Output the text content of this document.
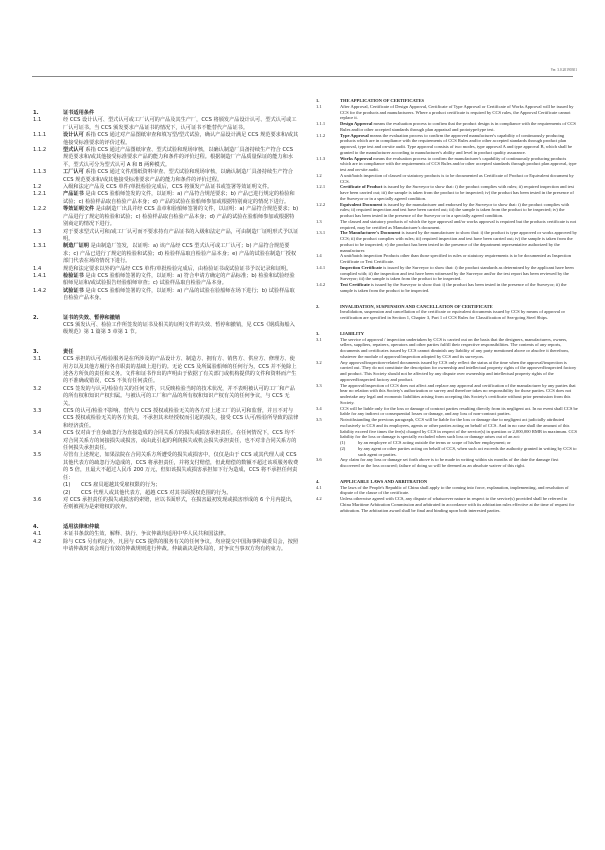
Ver. 3.0.20190301
1.	证书适用条件
1.1	经 CCS 设计认可、型式认可或工厂认可的产品及其生产厂，CCS 将颁发产品设计认可、型式认可或工厂认可证书。当 CCS 颁发要求产品证书的情况下，认可证书不能替代产品证书。
1.1.1	设计认可 系指 CCS 通过对产品图纸审查和填写型/型式试验，确认产品设计满足 CCS 规范要求和/或其他接受标准要求的评价过程。
1.1.2	型式认可 系指 CCS 通过产品图纸审查、型式试验和现场审核，以确认制造厂具备持续生产符合 CCS 规范要求和/或其他接受标准要求产品的能力和条件的评价过程。根据制造厂产品质量保证的能力和水平，型式认可分为型式认可 A 和 B 两种模式。
1.1.3	工厂认可 系指 CCS 通过文件/图纸资料审查、型式试验和现场审核，以确认制造厂具备持续生产符合 CCS 规范要求和/或其他接受标准要求产品的能力和条件的评价过程。
1.2	入级和法定产品及 CCS 单件/单批检验完成后，CCS 将颁发产品证书或签署等效证明文件。
1.2.1	产品证书 是由 CCS 验船师签发的文件，以证明：a) 产品符合规范要求；b) 产品已进行规定的检验和试验；c) 检验样品取自检验产品本身；d) 产品的试验在验船师参加或根据特别商定的情况下进行。
1.2.2	等效证明文件 是由制造厂出具并经 CCS 盖章和验船师签署的文件，以证明：a) 产品符合规范要求；b) 产品进行了规定的检验和试验；c) 检验样品取自检验产品本身；d) 产品的试验在验船师参加或根据特别商定的情况下进行。
1.3	对于要求型式认可和/或工厂认可而不要求持有产品证书的入级和法定产品，可由制造厂证明形式予以证明。
1.3.1	制造厂证明 是由制造厂签发，以证明：a) 该产品经 CCS 型式认可或工厂认可；b) 产品符合规范要求；c) 产品已进行了规定的检验和试验；d) 检验样品取自检验产品本身；e) 产品的试验在制造厂授权部门代表在场的情况下进行。
1.4	规范和法定要求以外的产品经 CCS 单件/单批检验完成后，由检验证书或试验证书予以记录和证明。
1.4.1	检验证书 是由 CCS 验船师签署的文件，以证明：a) 符合申请方确定的产品标准；b) 检验和试验经验船师见证和/或试验报告经验船师审查；c) 试验样品取自检验产品本身。
1.4.2	试验证书 是由 CCS 验船师签署的文件，以证明：a) 产品的试验在验船师在场下进行；b) 试验样品取自检验产品本身。
2.	证书的失效、暂停和撤销
CCS 颁发认可、检验工作所签发的证书及相关的证明文件的失效、暂停和撤销，见 CCS《钢质海船入级规范》第 1 篇第 3 章第 1 节。
3.	责任
3.1	CCS 承担的认可/检验服务是在所涉及的产品设计方、制造方、拥有方、销售方、供应方、修理方、使用方以及其他方履行各自职责的基础上进行的。无论 CCS 及所属验船师的任何行为，CCS 并不免除上述各方所负的责任和义务。文件和证书作出的声明由于依据了有关部门或机构提供的文件和资料而产生的不准确或错误，CCS 不负有任何责任。
3.2	CCS 签发的与认可/检验有关的任何文件，只反映检验当时的技术状况，并不表明被认可的工厂和产品的所有权和知识产权归属。与被认可的工厂和产品的所有权和知识产权有关的任何争议，与 CCS 无关。
3.3	CCS 的认可/检验不影响、替代与 CCS 授权或检验无关的各方对上述工厂的认可和监督，并且不对与 CCS 授权或检验无关的各方负责。不承担其未经授权而引起的损失，接受 CCS 认可/检验所导致的法律和经济责任。
3.4	CCS 仅对由于自身疏忽行为直接造成的合同关系方的损失或损害承担责任。在任何情况下，CCS 均不对合同关系方的间接损失或损害，或由此引起的利润损失或机会损失承担责任，也不对非合同关系方的任何损失承担责任。
3.5	尽管有上述规定，如果法院在合同关系方所遭受的损失或损害中，仅仅是由于 CCS 或其代理人或 CCS 其他代表方的疏忽行为造成的，CCS 将承担责任，并将支付赔偿，但此赔偿的数额不超过该项服务收费的 5 倍，且最大不超过人民币 200 万元，但如该损失或损害承担如下行为造成，CCS 将不承担任何责任：
(1)	CCS 雇员超越其受雇权限的行为；
(2)	CCS 代理人或其他代表方，超越 CCS 对其书面授权范围的行为。
3.6	对 CCS 承担责任的损失或损害的索赔，应以书面形式，在损害最初发现或损害形成的 6 个月内提出，否则被视为是索赔权的放弃。
4.	适用法律和仲裁
4.1	本证书条款的生效、解释、执行、争议仲裁均适用中华人民共和国法律。
4.2	除与 CCS 另有约定外，凡因与 CCS 提供的服务有关的任何争议，均应提交中国海事仲裁委员会，按照申请仲裁时该会现行有效的仲裁规则进行仲裁。仲裁裁决是终局的，对争议当事双方均有约束力。
1.	THE APPLICATION OF CERTIFICATES
1.1	After Approval, Certificate of Design Approval, Certificate of Type Approval or Certificate of Works Approval will be issued by CCS for the products and manufacturers. Where a product certificate is required by CCS rules, the Approval Certificate cannot replace it.
1.1.1	Design Approval means the evaluation process to confirm that the product design is in compliance with the requirements of CCS Rules and/or other accepted standards through plan appraisal and prototype/type test.
1.1.2	Type Approval means the evaluation process to confirm the approved manufacturer's capability of continuously producing products which are in compliance with the requirements of CCS Rules and/or other accepted standards through product plan approval, type test and on-site audit. Type approval consists of two modes, type approval A and type approval B, which shall be granted to the manufacturer according to manufacturer's ability and level in product quality assurance.
1.1.3	Works Approval means the evaluation process to confirm the manufacturer's capability of continuously producing products which are in compliance with the requirements of CCS Rules and/or other accepted standards through product plan approval, type test and on-site audit.
1.2	A unit/batch inspection of classed or statutory products is to be documented as Certificate of Product or Equivalent document by CCS.
1.2.1	Certificate of Product is issued by the Surveyor to show that: i) the product complies with rules; ii) required inspection and test have been carried out; iii) the sample is taken from the product to be inspected; iv) the product has been tested in the presence of the Surveyor or in a specially agreed condition.
1.2.2	Equivalent Document is issued by the manufacturer and endorsed by the Surveyor to show that: i) the product complies with rules; ii) required inspection and test have been carried out; iii) the sample is taken from the product to be inspected; iv) the product has been tested in the presence of the Surveyor or in a specially agreed condition.
1.3	The classed and statutory products of which the type approval and/or works approval is required but the products certificate is not required, may be certified as Manufacturer's document.
1.3.1	The Manufacturer's Document is issued by the manufacturer to show that: i) the product is type approved or works approved by CCS; ii) the product complies with rules; iii) required inspection and test have been carried out; iv) the sample is taken from the product to be inspected; v) the product has been tested in the presence of the department representative authorized by the manufacturer.
1.4	A unit/batch inspection Products other than those specified in rules or statutory requirements is to be documented as Inspection Certificate or Test Certificate.
1.4.1	Inspection Certificate is issued by the Surveyor to show that: i) the product standards as determined by the applicant have been complied with; ii) the inspection and test have been witnessed by the Surveyor and/or the test report has been reviewed by the Surveyor; iii) the sample is taken from the product to be inspected.
1.4.2	Test Certificate is issued by the Surveyor to show that: i) the product has been tested in the presence of the Surveyor; ii) the sample is taken from the product to be inspected.
2.	INVALIDATION, SUSPENSION AND CANCELLATION OF CERTIFICATE
Invalidation, suspension and cancellation of the certificate or equivalent documents issued by CCS by means of approval or certification are specified in Section 1, Chapter 3, Part 1 of CCS Rules for Classification of Sea-going Steel Ships.
3.	LIABILITY
3.1	The service of approval / inspection undertaken by CCS is carried out on the basis that the designers, manufacturers, owners, sellers, suppliers, repairers, operators and other parties fulfill their respective responsibilities. The contents of any reports, documents and certificates issued by CCS cannot diminish any liability of any party mentioned above or absolve it therefrom, whatever the module of approval/inspection adopted by CCS and its surveyors.
3.2	Any approval/inspection-related documents issued by CCS only reflect the status at the time when the approval/inspection is carried out. They do not constitute the description for ownership and intellectual property rights of the approved/inspected factory and product. This Society should not be affected by any dispute over ownership and intellectual property rights of the approved/inspected factory and product.
3.3	The approval/inspection of CCS does not affect and replace any approval and certification of the manufacturer by any parties that bear no relation with this Society's authorization or survey and therefore takes no responsibility for those parties. CCS does not undertake any legal and economic liabilities arising from accepting this Society's certificate without prior permission from this Society.
3.4	CCS will be liable only for the loss or damage of contract parties resulting directly from its negligent act. In no event shall CCS be liable for any indirect or consequential losses or damage, and any loss of non-contract parties.
3.5	Notwithstanding the previous paragraph, CCS will be liable for the loss or damage due to negligent act judicially attributed exclusively to CCS and its employees, agents or other parties acting on behalf of CCS. And in no case shall the amount of this liability exceed five times the fee(s) charged by CCS in respect of the service(s) in question or 2,000,000 RMB in maximum. CCS liability for the loss or damage is specially excluded when such loss or damage arises out of an act:
(1)	by an employee of CCS acting outside the terms or scope of his/her employment; or
(2)	by any agent or other parties acting on behalf of CCS, when such act exceeds the authority granted in writing by CCS to such agent or parties.
3.6	Any claim for any loss or damage set forth above is to be made in writing within six months of the date the damage first discovered or the loss occurred; failure of doing so will be deemed as an absolute waiver of this right.
4.	APPLICABLE LAWS AND ARBITRATION
4.1	The laws of the People's Republic of China shall apply to the coming into force, explanation, implementing, and resolution of dispute of the clause of the certificate.
4.2	Unless otherwise agreed with CCS, any dispute of whatsoever nature in respect to the service(s) provided shall be referred to China Maritime Arbitration Commission and arbitrated in accordance with its arbitration rules effective at the time of request for arbitration. The arbitration award shall be final and binding upon both interested parties.
